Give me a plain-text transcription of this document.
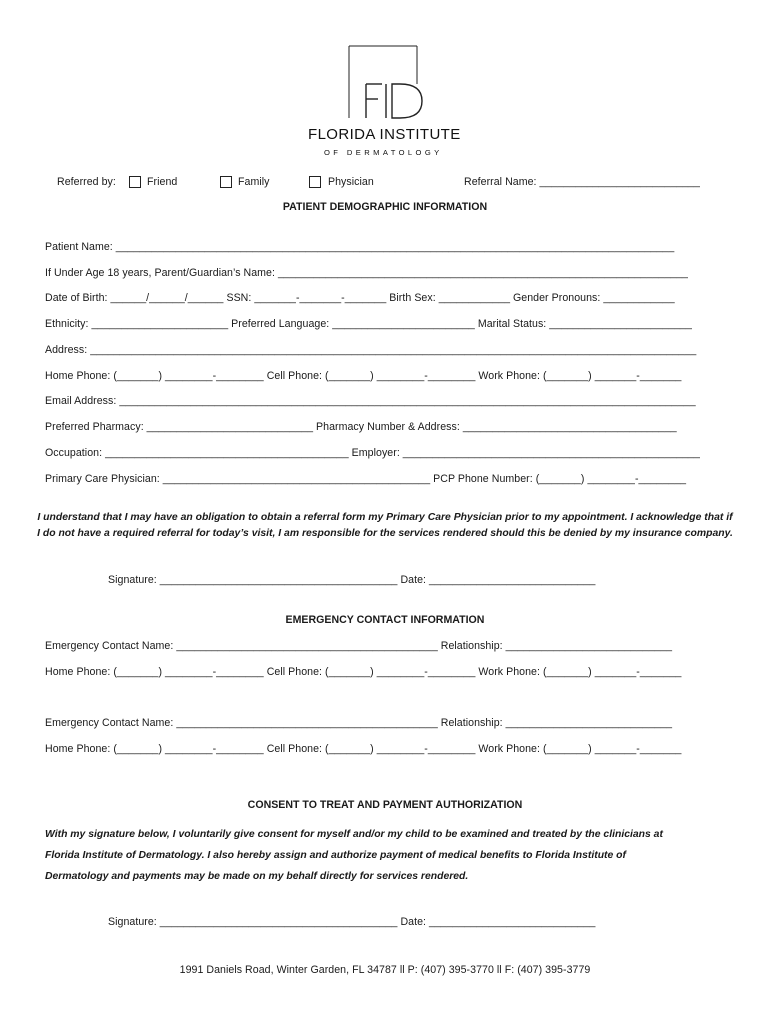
FLORIDA INSTITUTE
OF DERMATOLOGY
Referred by:	Friend	Family	Physician	Referral Name: ___________________________
PATIENT DEMOGRAPHIC INFORMATION
Patient Name: ______________________________________________________________________________________________
If Under Age 18 years, Parent/Guardian’s Name: _____________________________________________________________________
Date of Birth: ______/______/______ SSN: _______-_______-_______ Birth Sex: ____________ Gender Pronouns: ____________
Ethnicity: _______________________ Preferred Language: ________________________ Marital Status: ________________________
Address: ______________________________________________________________________________________________________
Home Phone: (_______) ________-________ Cell Phone: (_______) ________-________ Work Phone: (_______) _______-_______
Email Address: _________________________________________________________________________________________________
Preferred Pharmacy: ____________________________ Pharmacy Number & Address: ____________________________________
Occupation: _________________________________________ Employer: __________________________________________________
Primary Care Physician: _____________________________________________ PCP Phone Number: (_______) ________-________
I understand that I may have an obligation to obtain a referral form my Primary Care Physician prior to my appointment. I acknowledge that if I do not have a required referral for today’s visit, I am responsible for the services rendered should this be denied by my insurance company.
Signature: ________________________________________ Date: ____________________________
EMERGENCY CONTACT INFORMATION
Emergency Contact Name: ____________________________________________ Relationship: ____________________________
Home Phone: (_______) ________-________ Cell Phone: (_______) ________-________ Work Phone: (_______) _______-_______
Emergency Contact Name: ____________________________________________ Relationship: ____________________________
Home Phone: (_______) ________-________ Cell Phone: (_______) ________-________ Work Phone: (_______) _______-_______
CONSENT TO TREAT AND PAYMENT AUTHORIZATION
With my signature below, I voluntarily give consent for myself and/or my child to be examined and treated by the clinicians at
Florida Institute of Dermatology. I also hereby assign and authorize payment of medical benefits to Florida Institute of
Dermatology and payments may be made on my behalf directly for services rendered.
Signature: ________________________________________ Date: ____________________________
1991 Daniels Road, Winter Garden, FL 34787 ll P: (407) 395-3770 ll F: (407) 395-3779
